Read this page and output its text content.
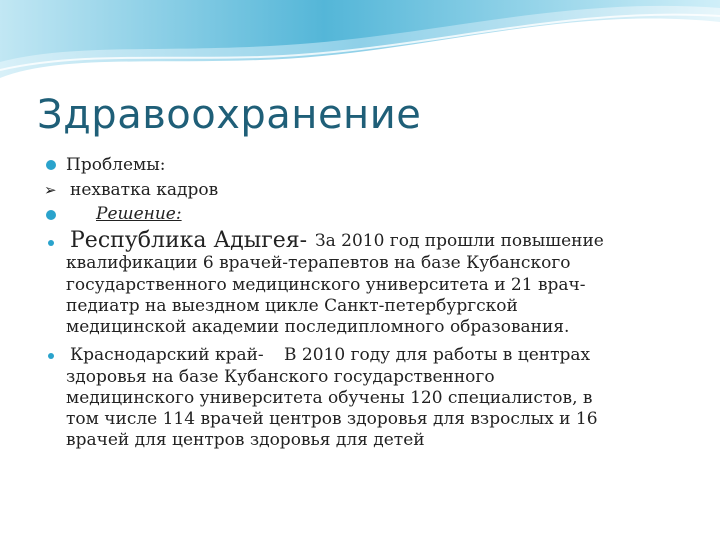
Здравоохранение
Проблемы:
➢ нехватка кадров
Решение:
Республика Адыгея- За 2010 год прошли повышение
квалификации 6 врачей-терапевтов на базе Кубанского
государственного медицинского университета и 21 врач-
педиатр на выездном цикле Санкт-петербургской
медицинской академии последипломного образования.
Краснодарский край- В 2010 году для работы в центрах
здоровья на базе Кубанского государственного
медицинского университета обучены 120 специалистов, в
том числе 114 врачей центров здоровья для взрослых и 16
врачей для центров здоровья для детей
